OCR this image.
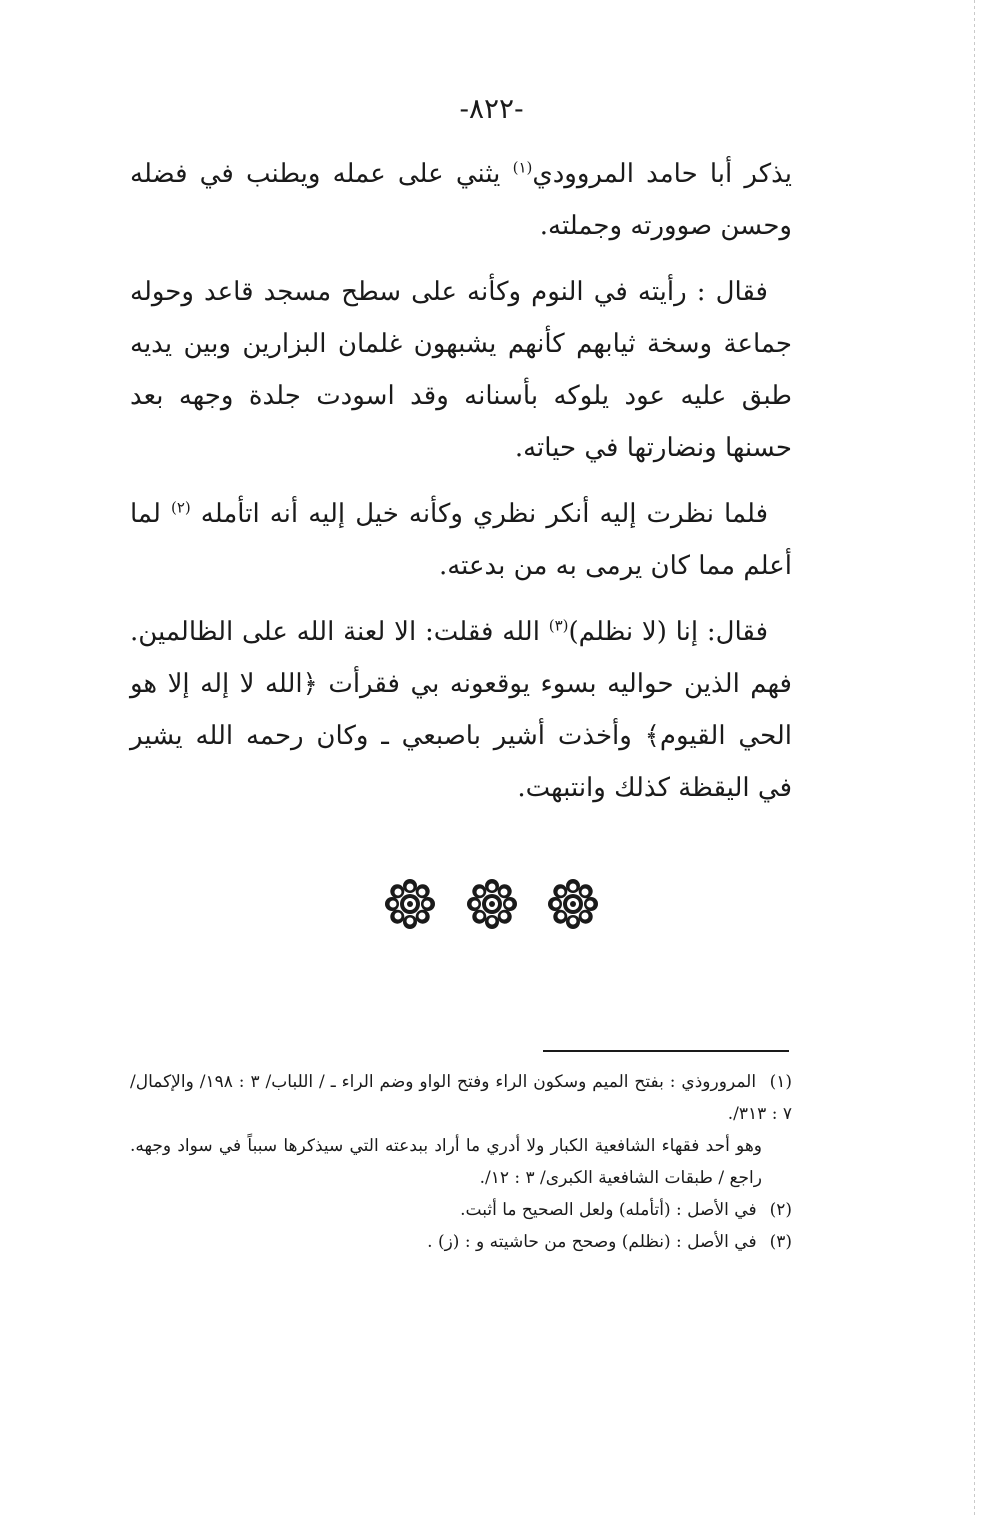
-٨٢٢-

يذكر أبا حامد المروودي$^{(١)}$ يثني على عمله ويطنب في فضله وحسن صوورته وجملته.

فقال : رأيته في النوم وكأنه على سطح مسجد قاعد وحوله جماعة وسخة ثيابهم كأنهم يشبهون غلمان البزارين وبين يديه طبق عليه عود يلوكه بأسنانه وقد اسودت جلدة وجهه بعد حسنها ونضارتها في حياته.

فلما نظرت إليه أنكر نظري وكأنه خيل إليه أنه اتأمله $^{(٢)}$ لما أعلم مما كان يرمى به من بدعته.

فقال: إنا (لا نظلم)$^{(٣)}$ الله فقلت: الا لعنة الله على الظالمين. فهم الذين حواليه بسوء يوقعونه بي فقرأت ﴿الله لا إله إلا هو الحي القيوم﴾ وأخذت أشير باصبعي ـ وكان رحمه الله يشير في اليقظة كذلك وانتبهت.

(١) المروروذي : بفتح الميم وسكون الراء وفتح الواو وضم الراء ـ / اللباب/ ٣ : ١٩٨/ والإكمال/ ٧ : ٣١٣/.

وهو أحد فقهاء الشافعية الكبار ولا أدري ما أراد ببدعته التي سيذكرها سبباً في سواد وجهه. راجع / طبقات الشافعية الكبرى/ ٣ : ١٢/.

(٢) في الأصل : (أتأمله) ولعل الصحيح ما أثبت.

(٣) في الأصل : (نظلم) وصحح من حاشيته و : (ز) .
